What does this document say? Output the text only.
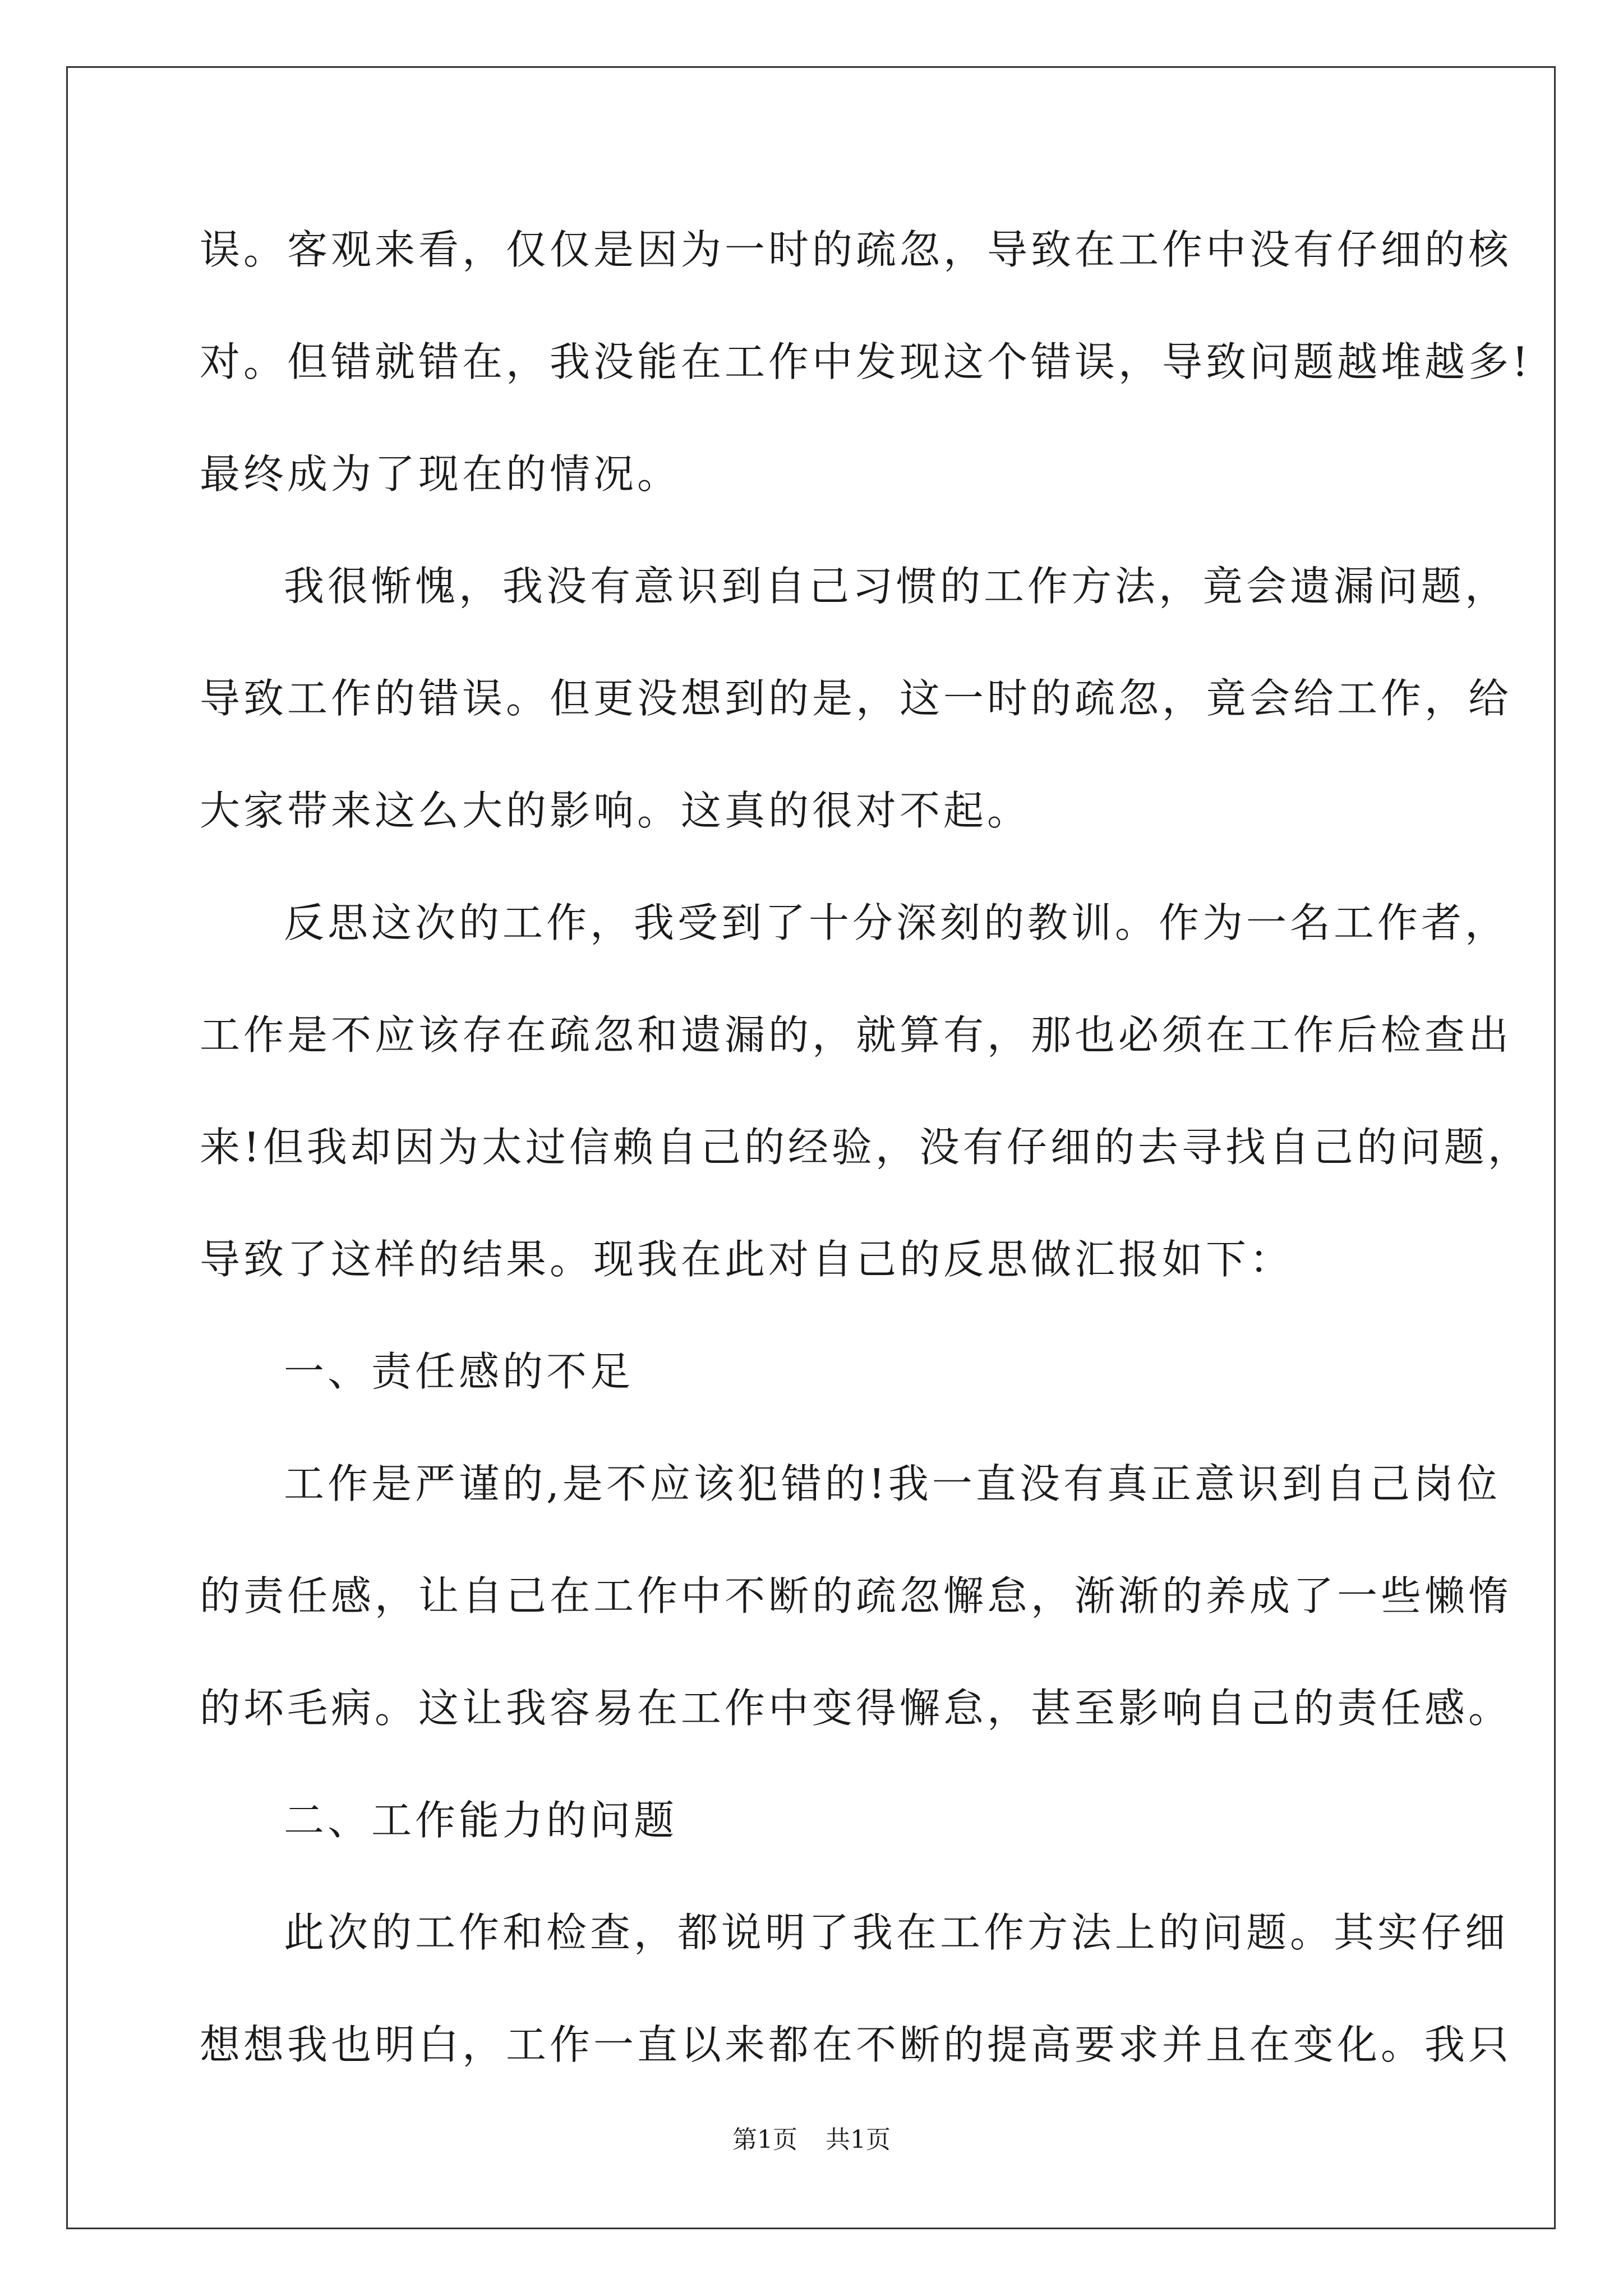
误。客观来看，仅仅是因为一时的疏忽，导致在工作中没有仔细的核
对。但错就错在，我没能在工作中发现这个错误，导致问题越堆越多!
最终成为了现在的情况。
我很惭愧，我没有意识到自己习惯的工作方法，竟会遗漏问题，
导致工作的错误。但更没想到的是，这一时的疏忽，竟会给工作，给
大家带来这么大的影响。这真的很对不起。
反思这次的工作，我受到了十分深刻的教训。作为一名工作者，
工作是不应该存在疏忽和遗漏的，就算有，那也必须在工作后检查出
来!但我却因为太过信赖自己的经验，没有仔细的去寻找自己的问题，
导致了这样的结果。现我在此对自己的反思做汇报如下：
一、责任感的不足
工作是严谨的,是不应该犯错的!我一直没有真正意识到自己岗位
的责任感，让自己在工作中不断的疏忽懈怠，渐渐的养成了一些懒惰
的坏毛病。这让我容易在工作中变得懈怠，甚至影响自己的责任感。
二、工作能力的问题
此次的工作和检查，都说明了我在工作方法上的问题。其实仔细
想想我也明白，工作一直以来都在不断的提高要求并且在变化。我只
第1页 共1页
